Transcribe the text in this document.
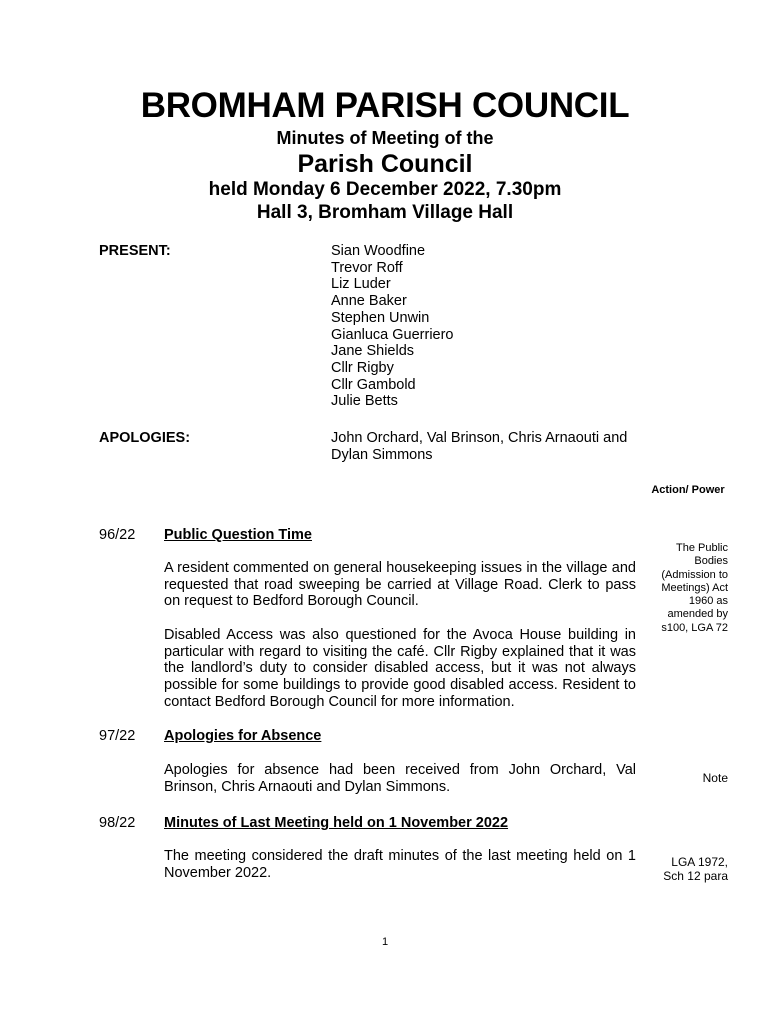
BROMHAM PARISH COUNCIL
Minutes of Meeting of the
Parish Council
held Monday 6 December 2022, 7.30pm
Hall 3, Bromham Village Hall
PRESENT:	Sian Woodfine
Trevor Roff
Liz Luder
Anne Baker
Stephen Unwin
Gianluca Guerriero
Jane Shields
Cllr Rigby
Cllr Gambold
Julie Betts
APOLOGIES:	John Orchard, Val Brinson, Chris Arnaouti and Dylan Simmons
Action/ Power
96/22 Public Question Time
A resident commented on general housekeeping issues in the village and requested that road sweeping be carried at Village Road. Clerk to pass on request to Bedford Borough Council.
Disabled Access was also questioned for the Avoca House building in particular with regard to visiting the café. Cllr Rigby explained that it was the landlord’s duty to consider disabled access, but it was not always possible for some buildings to provide good disabled access. Resident to contact Bedford Borough Council for more information.
The Public Bodies (Admission to Meetings) Act 1960 as amended by s100, LGA 72
97/22 Apologies for Absence
Apologies for absence had been received from John Orchard, Val Brinson, Chris Arnaouti and Dylan Simmons.
Note
98/22 Minutes of Last Meeting held on 1 November 2022
The meeting considered the draft minutes of the last meeting held on 1 November 2022.
LGA 1972, Sch 12 para
1
